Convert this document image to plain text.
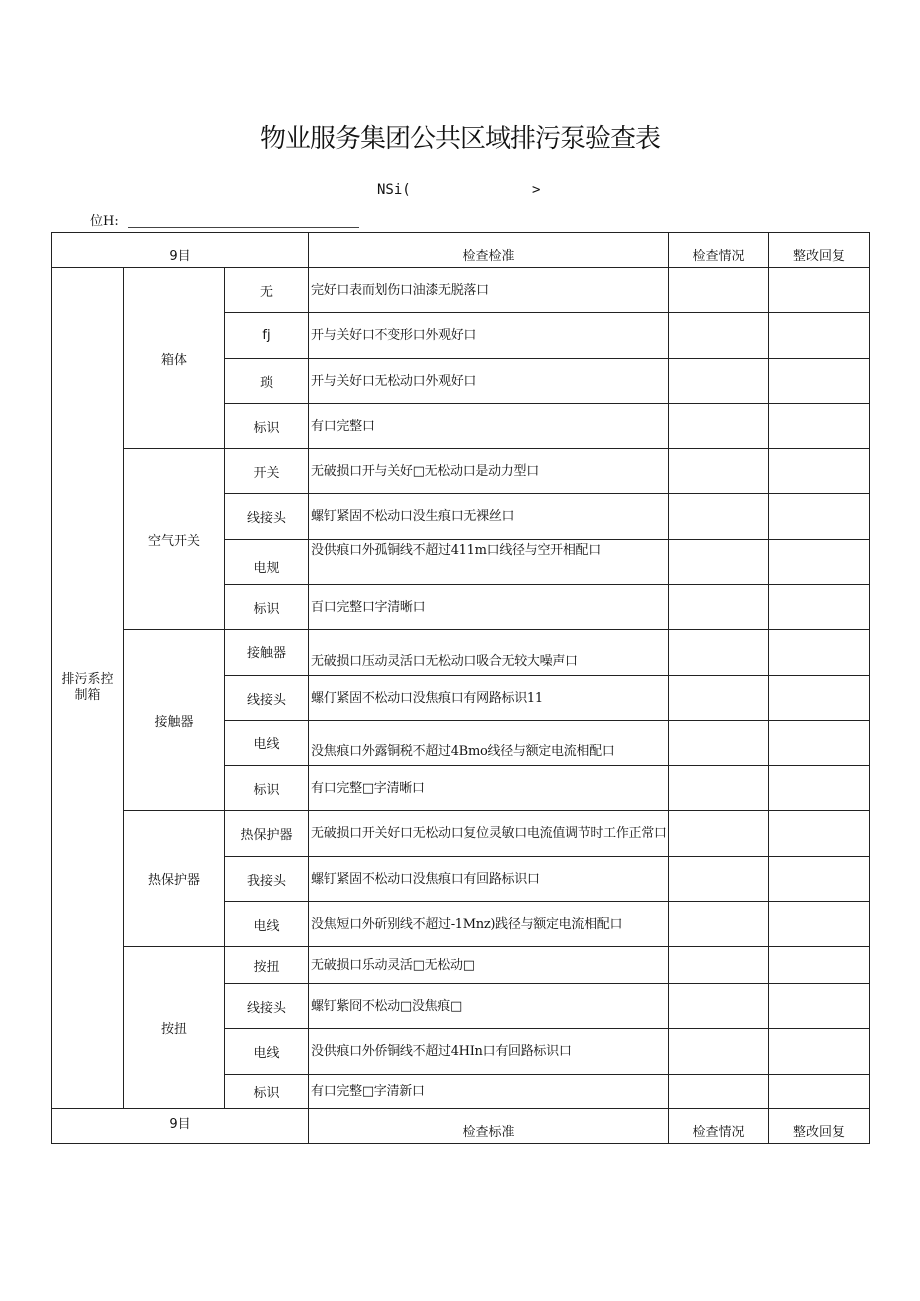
物业服务集团公共区域排污泵验查表
NSi(	>
位H:
9目			检查检准	检查情况	整改回复
排污系控制箱	箱体	无	完好口表而划伤口油漆无脱落口		
		fj	开与关好口不变形口外观好口		
		琐	开与关好口无松动口外观好口		
		标识	有口完整口		
	空气开关	开关	无破损口开与关好□无松动口是动力型口		
		线接头	螺钉紧固不松动口没生痕口无裸丝口		
		电规	没供痕口外孤铜线不超过411m口线径与空开相配口		
		标识	百口完整口字清晰口		
	接触器	接触器	无破损口压动灵活口无松动口吸合无较大噪声口		
		线接头	螺仃紧固不松动口没焦痕口有网路标识11		
		电线	没焦痕口外露铜税不超过4Bmo线径与额定电流相配口		
		标识	有口完整□字清晰口		
	热保护器	热保护器	无破损口开关好口无松动口复位灵敏口电流值调节时工作正常口		
		我接头	螺钉紧固不松动口没焦痕口有回路标识口		
		电线	没焦短口外斫别线不超过-1Mnz)践径与额定电流相配口		
	按扭	按扭	无破损口乐动灵活□无松动□		
		线接头	螺钉紫冏不松动□没焦痕□		
		电线	没供痕口外侨铜线不超过4HIn口有回路标识口		
		标识	有口完整□字清新口		
9目			检查标准	检查情况	整改回复
